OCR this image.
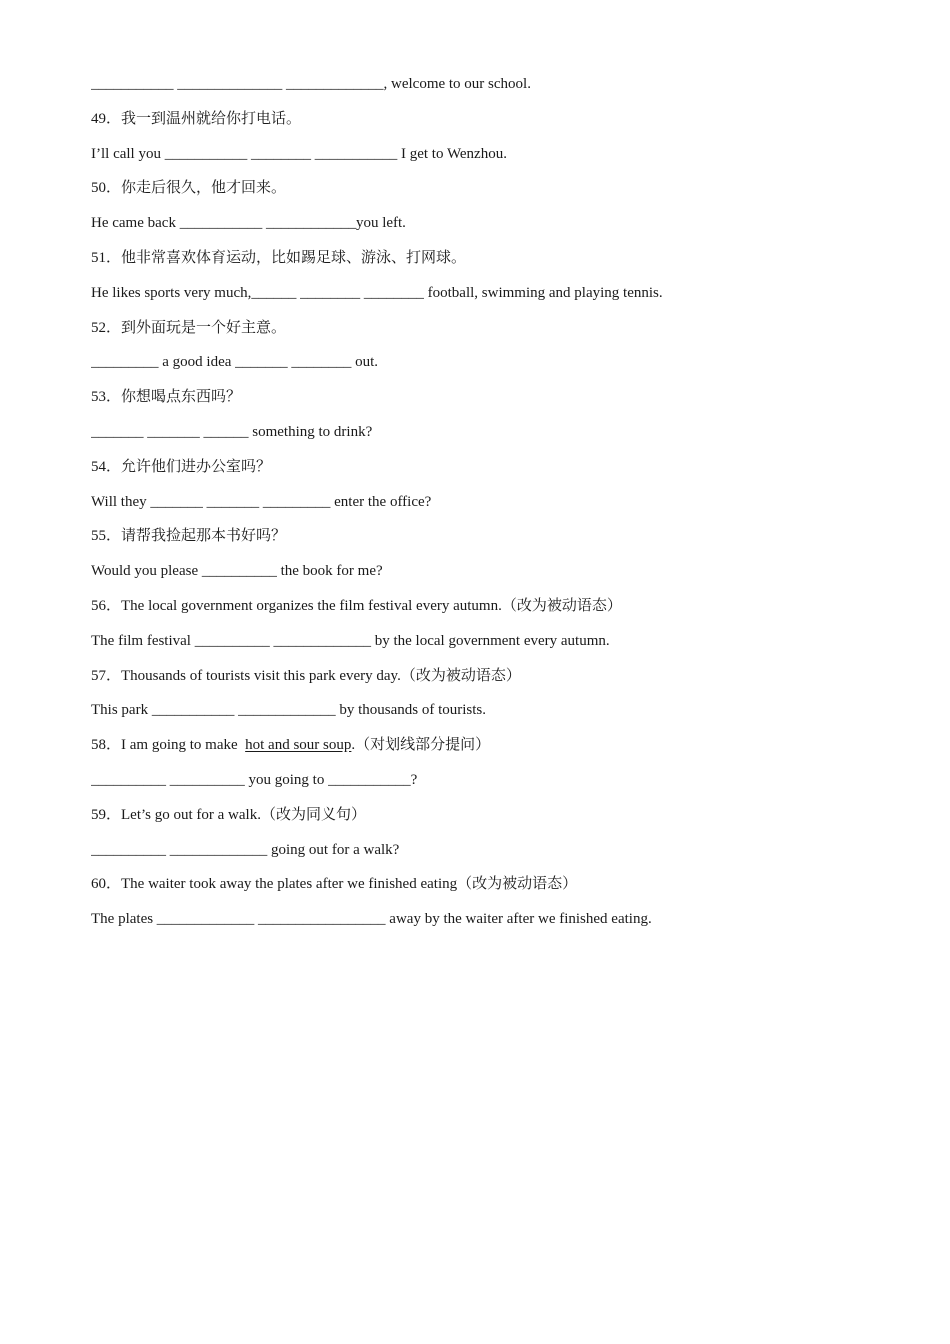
___________ ______________ _____________, welcome to our school.
49．我一到温州就给你打电话。
I’ll call you ___________ ________ ___________ I get to Wenzhou.
50．你走后很久，他才回来。
He came back ___________ ____________you left.
51．他非常喜欢体育运动，比如踢足球、游泳、打网球。
He likes sports very much,______ ________ ________ football, swimming and playing tennis.
52．到外面玩是一个好主意。
_________ a good idea _______ ________ out.
53．你想喝点东西吗？
_______ _______ ______ something to drink?
54．允许他们进办公室吗？
Will they _______ _______ _________ enter the office?
55．请帮我捡起那本书好吗？
Would you please __________ the book for me?
56．The local government organizes the film festival every autumn.（改为被动语态）
The film festival __________ _____________ by the local government every autumn.
57．Thousands of tourists visit this park every day.（改为被动语态）
This park ___________ _____________ by thousands of tourists.
58．I am going to make  hot and sour soup.（对划线部分提问）
__________ __________ you going to ___________?
59．Let’s go out for a walk.（改为同义句）
__________ _____________ going out for a walk?
60．The waiter took away the plates after we finished eating（改为被动语态）
The plates _____________ _________________ away by the waiter after we finished eating.
